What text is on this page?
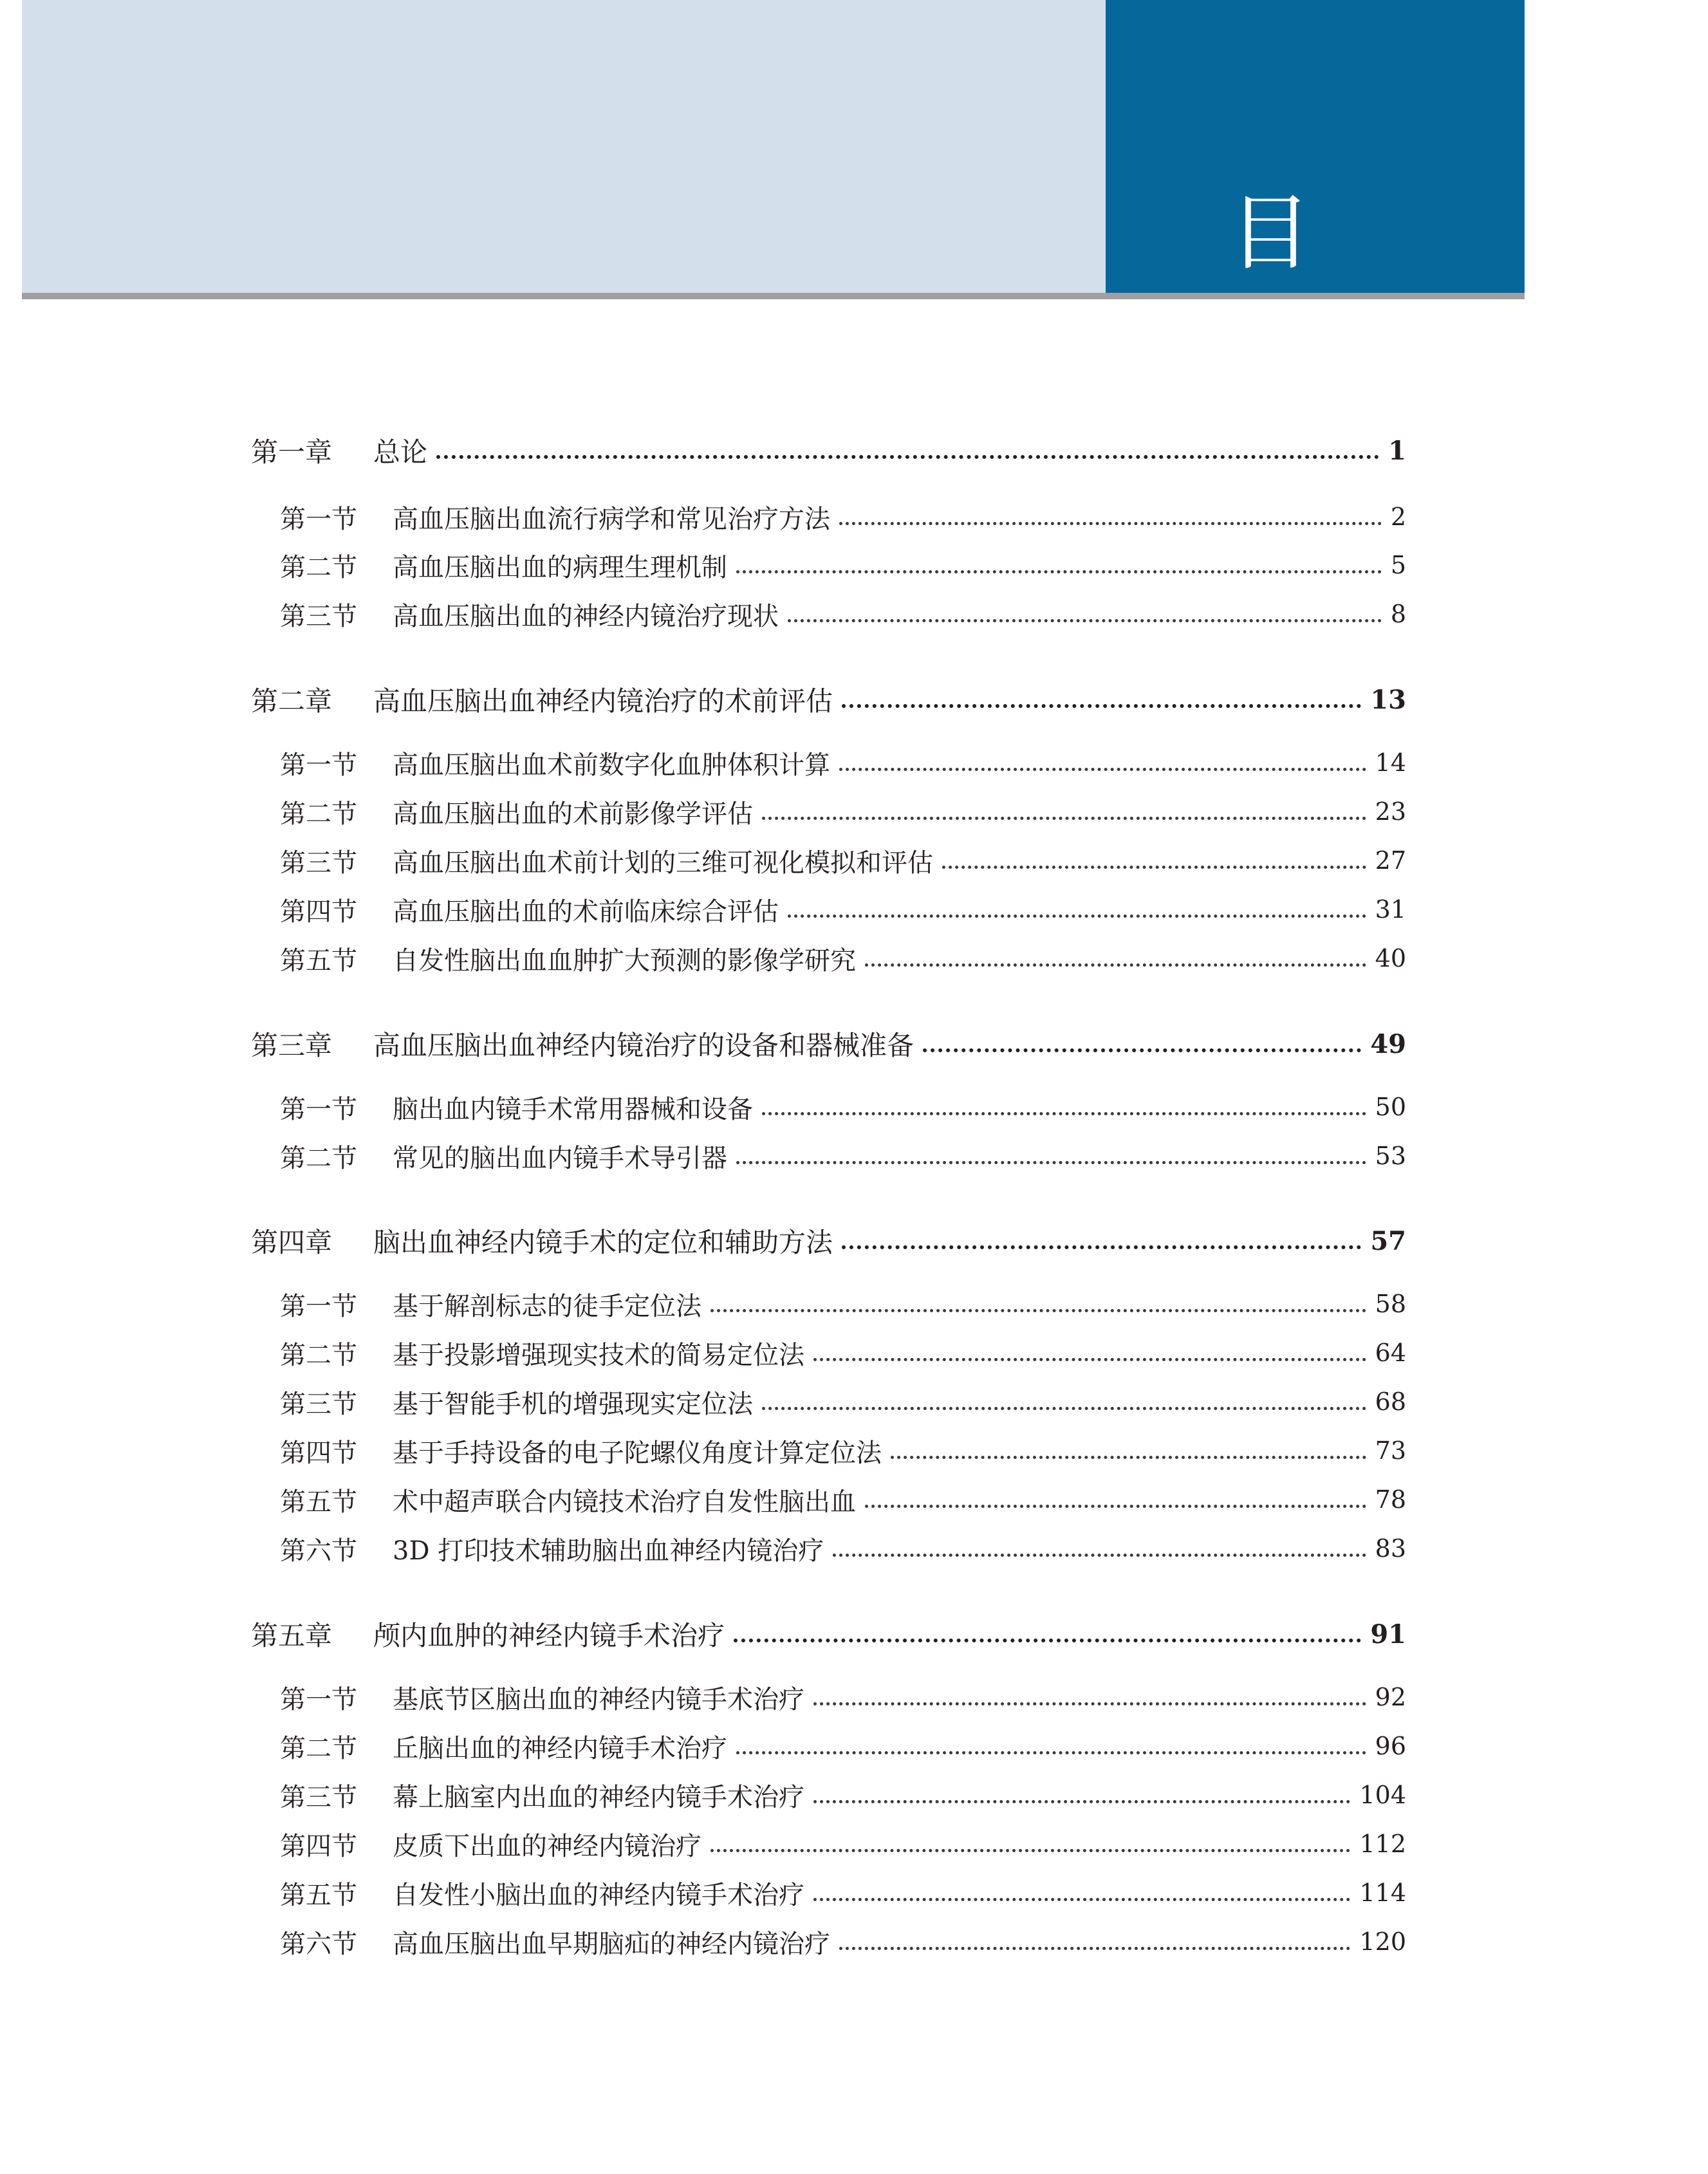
目　录
第一章	总论	1
第一节	高血压脑出血流行病学和常见治疗方法	2
第二节	高血压脑出血的病理生理机制	5
第三节	高血压脑出血的神经内镜治疗现状	8
第二章	高血压脑出血神经内镜治疗的术前评估	13
第一节	高血压脑出血术前数字化血肿体积计算	14
第二节	高血压脑出血的术前影像学评估	23
第三节	高血压脑出血术前计划的三维可视化模拟和评估	27
第四节	高血压脑出血的术前临床综合评估	31
第五节	自发性脑出血血肿扩大预测的影像学研究	40
第三章	高血压脑出血神经内镜治疗的设备和器械准备	49
第一节	脑出血内镜手术常用器械和设备	50
第二节	常见的脑出血内镜手术导引器	53
第四章	脑出血神经内镜手术的定位和辅助方法	57
第一节	基于解剖标志的徒手定位法	58
第二节	基于投影增强现实技术的简易定位法	64
第三节	基于智能手机的增强现实定位法	68
第四节	基于手持设备的电子陀螺仪角度计算定位法	73
第五节	术中超声联合内镜技术治疗自发性脑出血	78
第六节	3D 打印技术辅助脑出血神经内镜治疗	83
第五章	颅内血肿的神经内镜手术治疗	91
第一节	基底节区脑出血的神经内镜手术治疗	92
第二节	丘脑出血的神经内镜手术治疗	96
第三节	幕上脑室内出血的神经内镜手术治疗	104
第四节	皮质下出血的神经内镜治疗	112
第五节	自发性小脑出血的神经内镜手术治疗	114
第六节	高血压脑出血早期脑疝的神经内镜治疗	120
